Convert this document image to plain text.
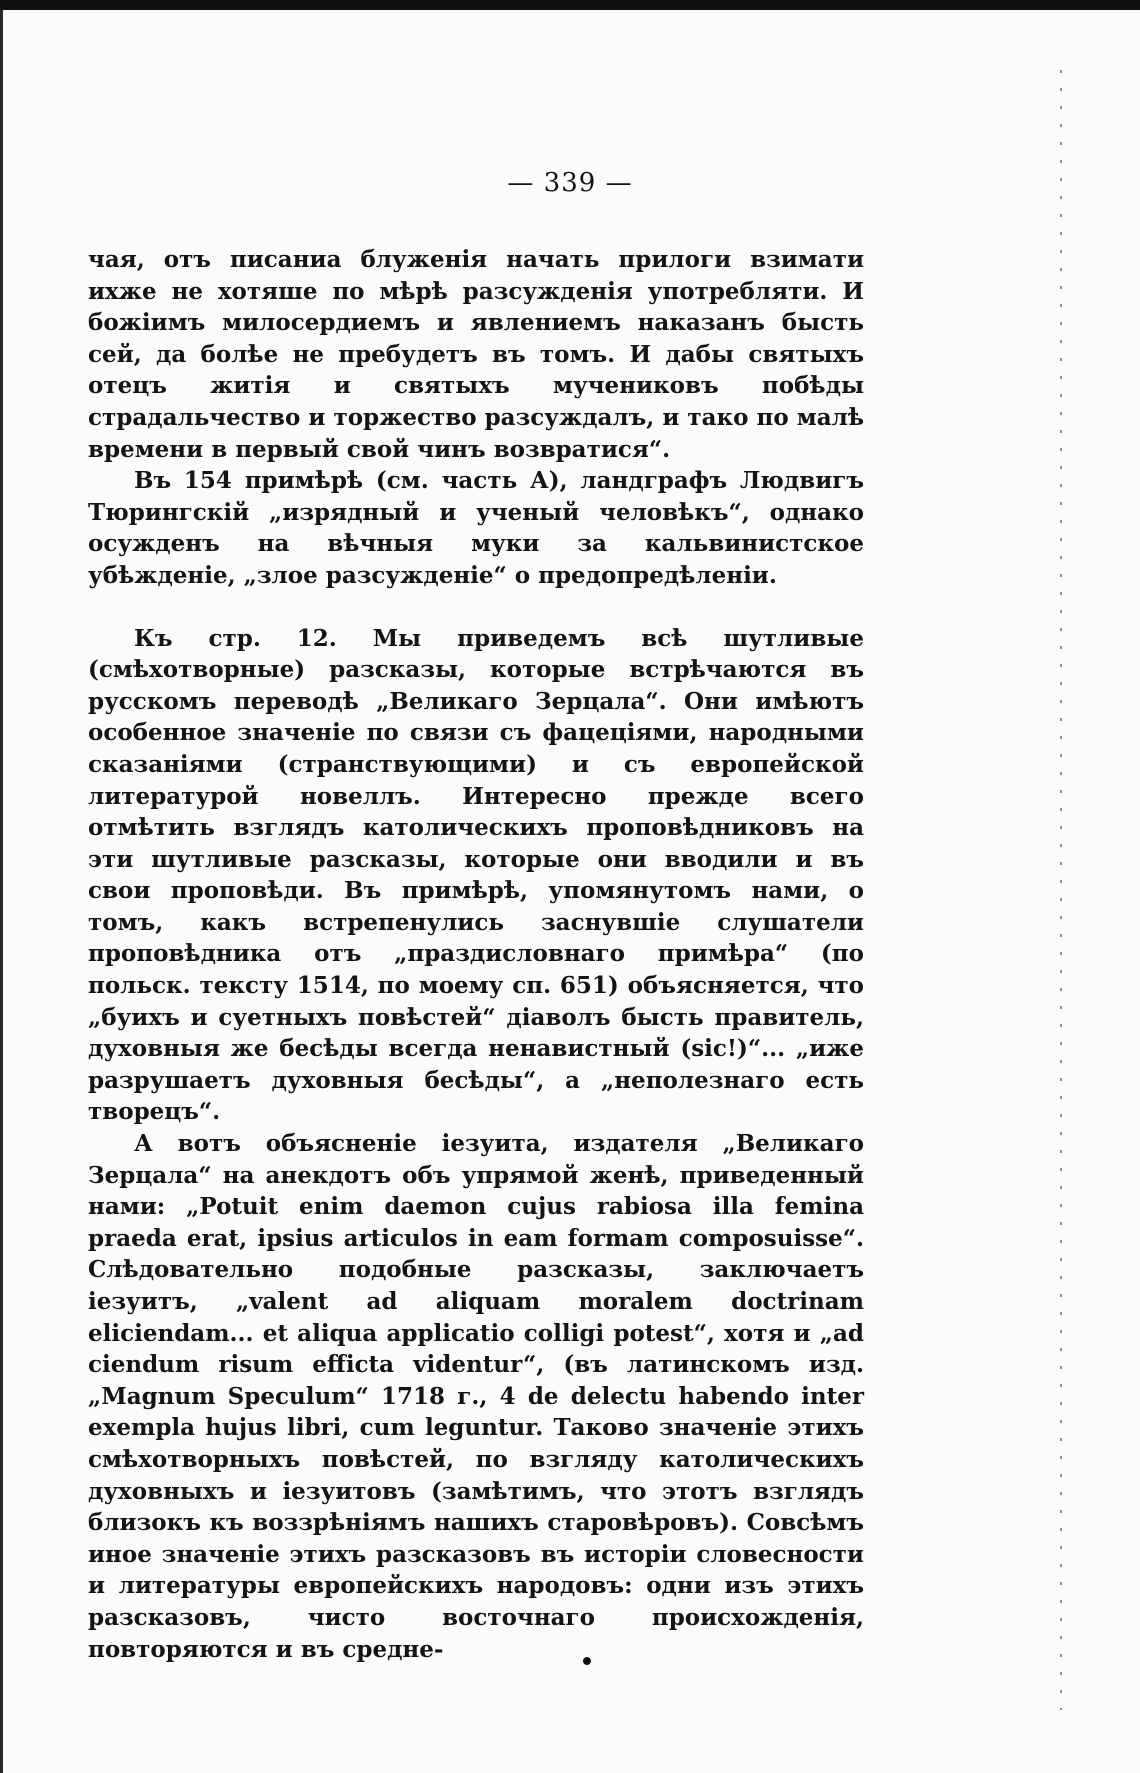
— 339 —

чая, отъ писаниа блуженія начать прилоги взимати ихже не хотяше по мѣрѣ разсужденія употребляти. И божіимъ милосердиемъ и явлениемъ наказанъ бысть сей, да болѣе не пребудетъ въ томъ. И дабы святыхъ отецъ житія и святыхъ мучениковъ побѣды страдальчество и торжество разсуждалъ, и тако по малѣ времени в первый свой чинъ возвратися“.

Въ 154 примѣрѣ (см. часть А), ландграфъ Людвигъ Тюрингскій „изрядный и ученый человѣкъ“, однако осужденъ на вѣчныя муки за кальвинистское убѣжденіе, „злое разсужденіе“ о предопредѣленіи.

Къ стр. 12. Мы приведемъ всѣ шутливые (смѣхотворные) разсказы, которые встрѣчаются въ русскомъ переводѣ „Великаго Зерцала“. Они имѣютъ особенное значеніе по связи съ фацеціями, народными сказаніями (странствующими) и съ европейской литературой новеллъ. Интересно прежде всего отмѣтить взглядъ католическихъ проповѣдниковъ на эти шутливые разсказы, которые они вводили и въ свои проповѣди. Въ примѣрѣ, упомянутомъ нами, о томъ, какъ встрепенулись заснувшіе слушатели проповѣдника отъ „праздисловнаго примѣра“ (по польск. тексту 1514, по моему сп. 651) объясняется, что „буихъ и суетныхъ повѣстей“ діаволъ бысть правитель, духовныя же бесѣды всегда ненавистный (sic!)“... „иже разрушаетъ духовныя бесѣды“, а „неполезнаго есть творецъ“.

А вотъ объясненіе іезуита, издателя „Великаго Зерцала“ на анекдотъ объ упрямой женѣ, приведенный нами: „Potuit enim daemon cujus rabiosa illa femina praeda erat, ipsius articulos in eam formam composuisse“. Слѣдовательно подобные разсказы, заключаетъ іезуитъ, „valent ad aliquam moralem doctrinam eliciendam... et aliqua applicatio colligi potest“, хотя и „ad ciendum risum efficta videntur“, (въ латинскомъ изд. „Magnum Speculum“ 1718 г., 4 de delectu habendo inter exempla hujus libri, cum leguntur. Таково значеніе этихъ смѣхотворныхъ повѣстей, по взгляду католическихъ духовныхъ и іезуитовъ (замѣтимъ, что этотъ взглядъ близокъ къ воззрѣніямъ нашихъ старовѣровъ). Совсѣмъ иное значеніе этихъ разсказовъ въ исторіи словесности и литературы европейскихъ народовъ: одни изъ этихъ разсказовъ, чисто восточнаго происхожденія, повторяются и въ средне-
